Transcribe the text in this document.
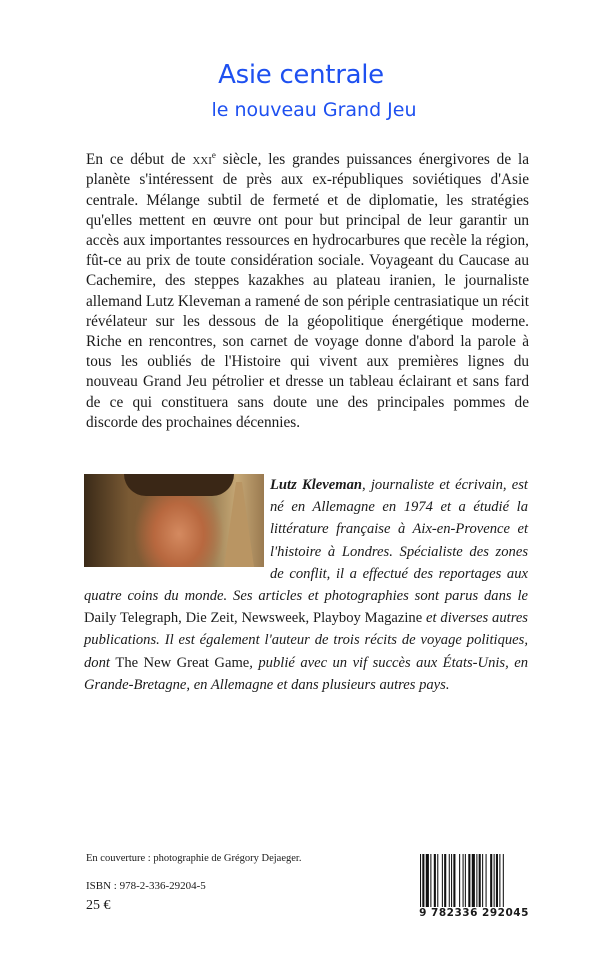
Asie centrale
le nouveau Grand Jeu

En ce début de xxi$^e$ siècle, les grandes puissances énergivores de la planète s'intéressent de près aux ex-républiques soviétiques d'Asie centrale. Mélange subtil de fermeté et de diplomatie, les stratégies qu'elles mettent en œuvre ont pour but principal de leur garantir un accès aux importantes ressources en hydrocarbures que recèle la région, fût-ce au prix de toute considération sociale. Voyageant du Caucase au Cachemire, des steppes kazakhes au plateau iranien, le journaliste allemand Lutz Kleveman a ramené de son périple centrasiatique un récit révélateur sur les dessous de la géopolitique énergétique moderne. Riche en rencontres, son carnet de voyage donne d'abord la parole à tous les oubliés de l'Histoire qui vivent aux premières lignes du nouveau Grand Jeu pétrolier et dresse un tableau éclairant et sans fard de ce qui constituera sans doute une des principales pommes de discorde des prochaines décennies.

Lutz Kleveman, journaliste et écrivain, est né en Allemagne en 1974 et a étudié la littérature française à Aix-en-Provence et l'histoire à Londres. Spécialiste des zones de conflit, il a effectué des reportages aux quatre coins du monde. Ses articles et photographies sont parus dans le Daily Telegraph, Die Zeit, Newsweek, Playboy Magazine et diverses autres publications. Il est également l'auteur de trois récits de voyage politiques, dont The New Great Game, publié avec un vif succès aux États-Unis, en Grande-Bretagne, en Allemagne et dans plusieurs autres pays.

En couverture : photographie de Grégory Dejaeger.
ISBN : 978-2-336-29204-5
25 €	9 782336 292045
